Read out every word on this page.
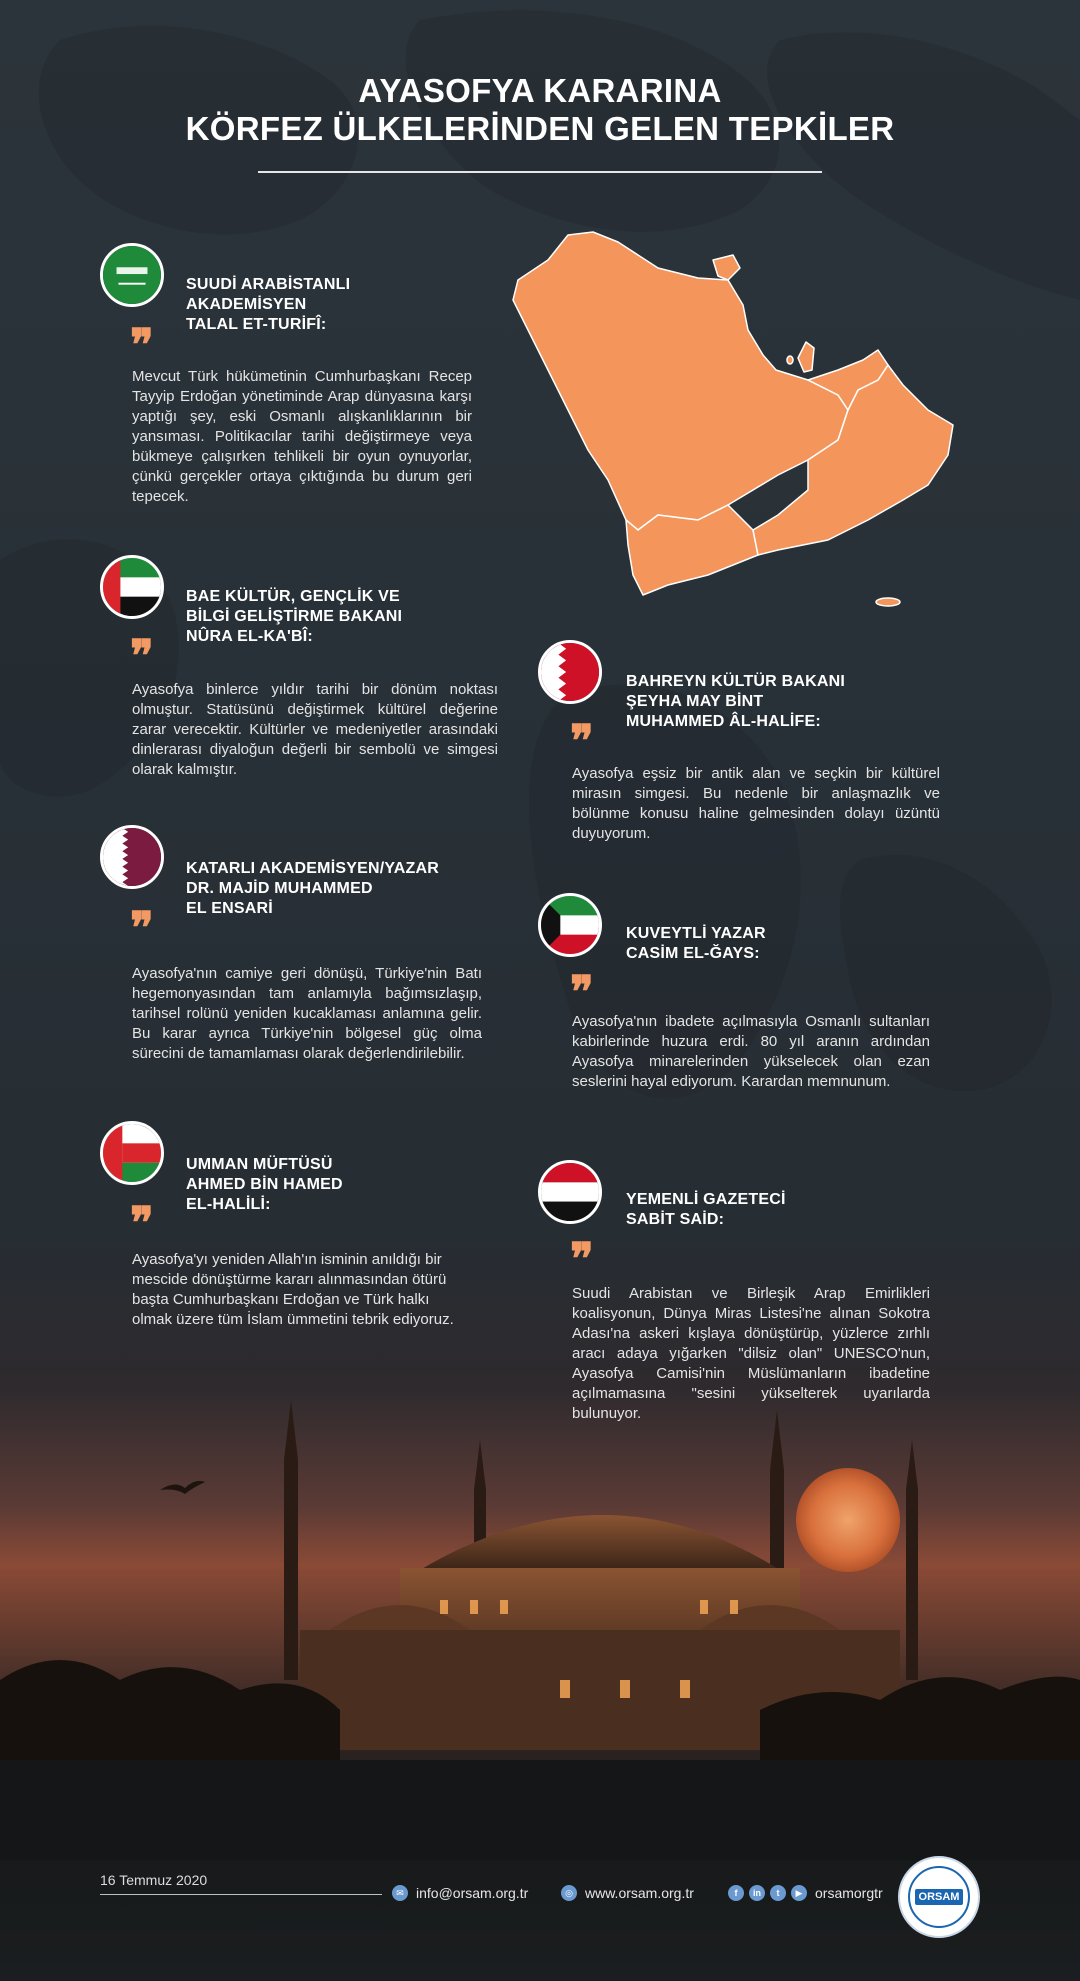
AYASOFYA KARARINA
KÖRFEZ ÜLKELERİNDEN GELEN TEPKİLER
SUUDİ ARABİSTANLI
AKADEMİSYEN
TALAL ET-TURİFÎ:
❞
Mevcut Türk hükümetinin Cumhurbaşkanı Recep Tayyip Erdoğan yönetiminde Arap dünyasına karşı yaptığı şey, eski Osmanlı alışkanlıklarının bir yansıması. Politikacılar tarihi değiştirmeye veya bükmeye çalışırken tehlikeli bir oyun oynuyorlar, çünkü gerçekler ortaya çıktığında bu durum geri tepecek.
BAE KÜLTÜR, GENÇLİK VE
BİLGİ GELİŞTİRME BAKANI
NÛRA EL-KA'BÎ:
❞
Ayasofya binlerce yıldır tarihi bir dönüm noktası olmuştur. Statüsünü değiştirmek kültürel değerine zarar verecektir. Kültürler ve medeniyetler arasındaki dinlerarası diyaloğun değerli bir sembolü ve simgesi olarak kalmıştır.
KATARLI AKADEMİSYEN/YAZAR
DR. MAJİD MUHAMMED
EL ENSARİ
❞
Ayasofya'nın camiye geri dönüşü, Türkiye'nin Batı hegemonyasından tam anlamıyla bağımsızlaşıp, tarihsel rolünü yeniden kucaklaması anlamına gelir. Bu karar ayrıca Türkiye'nin bölgesel güç olma sürecini de tamamlaması olarak değerlendirilebilir.
UMMAN MÜFTÜSÜ
AHMED BİN HAMED
EL-HALİLİ:
❞
Ayasofya'yı yeniden Allah'ın isminin anıldığı bir mescide dönüştürme kararı alınmasından ötürü başta Cumhurbaşkanı Erdoğan ve Türk halkı olmak üzere tüm İslam ümmetini tebrik ediyoruz.
BAHREYN KÜLTÜR BAKANI
ŞEYHA MAY BİNT
MUHAMMED ÂL-HALİFE:
❞
Ayasofya eşsiz bir antik alan ve seçkin bir kültürel mirasın simgesi. Bu nedenle bir anlaşmazlık ve bölünme konusu haline gelmesinden dolayı üzüntü duyuyorum.
KUVEYTLİ YAZAR
CASİM EL-ĞAYS:
❞
Ayasofya'nın ibadete açılmasıyla Osmanlı sultanları kabirlerinde huzura erdi. 80 yıl aranın ardından Ayasofya minarelerinden yükselecek olan ezan seslerini hayal ediyorum. Karardan memnunum.
YEMENLİ GAZETECİ
SABİT SAİD:
❞
Suudi Arabistan ve Birleşik Arap Emirlikleri koalisyonun, Dünya Miras Listesi'ne alınan Sokotra Adası'na askeri kışlaya dönüştürüp, yüzlerce zırhlı aracı adaya yığarken "dilsiz olan" UNESCO'nun, Ayasofya Camisi'nin Müslümanların ibadetine açılmamasına "sesini yükselterek uyarılarda bulunuyor.
16 Temmuz 2020
✉ info@orsam.org.tr	◎ www.orsam.org.tr	f	in	t	▶ orsamorgtr	ORSAM
